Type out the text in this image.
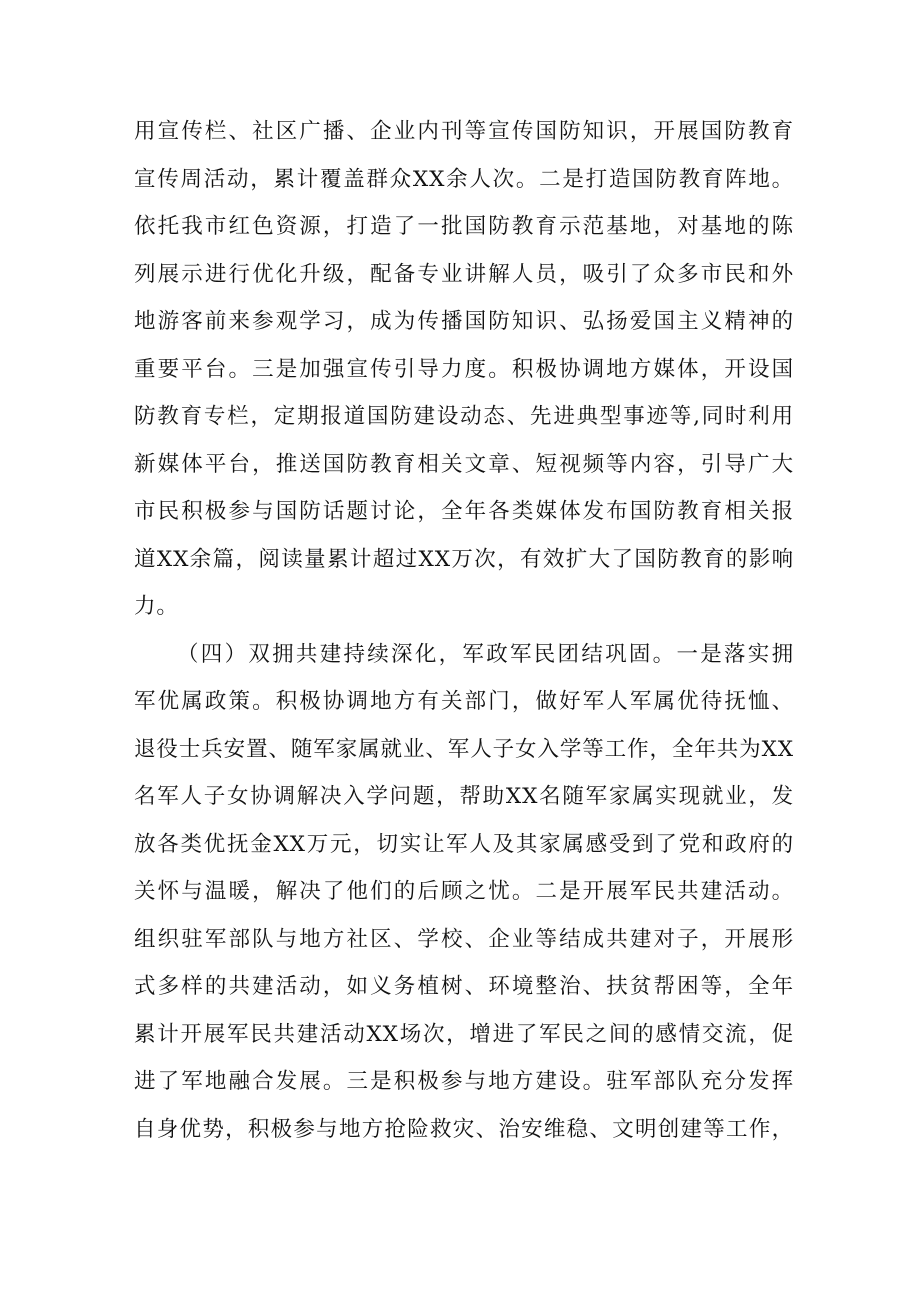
用宣传栏、社区广播、企业内刊等宣传国防知识，开展国防教育
宣传周活动，累计覆盖群众XX余人次。二是打造国防教育阵地。
依托我市红色资源，打造了一批国防教育示范基地，对基地的陈
列展示进行优化升级，配备专业讲解人员，吸引了众多市民和外
地游客前来参观学习，成为传播国防知识、弘扬爱国主义精神的
重要平台。三是加强宣传引导力度。积极协调地方媒体，开设国
防教育专栏，定期报道国防建设动态、先进典型事迹等,同时利用
新媒体平台，推送国防教育相关文章、短视频等内容，引导广大
市民积极参与国防话题讨论，全年各类媒体发布国防教育相关报
道XX余篇，阅读量累计超过XX万次，有效扩大了国防教育的影响
力。
（四）双拥共建持续深化，军政军民团结巩固。一是落实拥
军优属政策。积极协调地方有关部门，做好军人军属优待抚恤、
退役士兵安置、随军家属就业、军人子女入学等工作，全年共为XX
名军人子女协调解决入学问题，帮助XX名随军家属实现就业，发
放各类优抚金XX万元，切实让军人及其家属感受到了党和政府的
关怀与温暖，解决了他们的后顾之忧。二是开展军民共建活动。
组织驻军部队与地方社区、学校、企业等结成共建对子，开展形
式多样的共建活动，如义务植树、环境整治、扶贫帮困等，全年
累计开展军民共建活动XX场次，增进了军民之间的感情交流，促
进了军地融合发展。三是积极参与地方建设。驻军部队充分发挥
自身优势，积极参与地方抢险救灾、治安维稳、文明创建等工作，
